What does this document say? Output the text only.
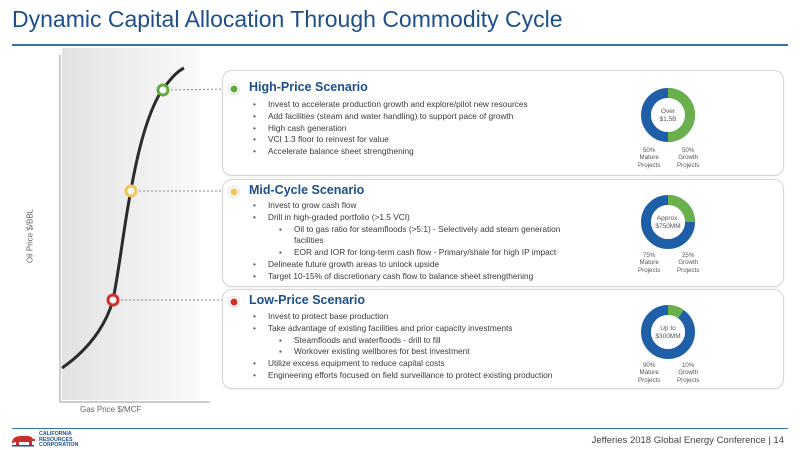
Dynamic Capital Allocation Through Commodity Cycle
Oil Price $/BBL
Gas Price $/MCF
High-Price Scenario
• Invest to accelerate production growth and explore/pilot new resources
• Add facilities (steam and water handling) to support pace of growth
• High cash generation
• VCI 1.3 floor to reinvest for value
• Accelerate balance sheet strengthening
Over
$1.5B
50%
Mature
Projects
50%
Growth
Projects
Mid-Cycle Scenario
• Invest to grow cash flow
• Drill in high-graded portfolio (>1.5 VCI)
▪ Oil to gas ratio for steamfloods (>5:1) - Selectively add steam generation facilities
▪ EOR and IOR for long-term cash flow - Primary/shale for high IP impact
• Delineate future growth areas to unlock upside
• Target 10-15% of discretionary cash flow to balance sheet strengthening
Approx.
$750MM
75%
Mature
Projects
25%
Growth
Projects
Low-Price Scenario
• Invest to protect base production
• Take advantage of existing facilities and prior capacity investments
▪ Steamfloods and waterfloods - drill to fill
▪ Workover existing wellbores for best investment
• Utilize excess equipment to reduce capital costs
• Engineering efforts focused on field surveillance to protect existing production
Up to
$300MM
90%
Mature
Projects
10%
Growth
Projects
CALIFORNIA
RESOURCES
CORPORATION	Jefferies 2018 Global Energy Conference | 14
